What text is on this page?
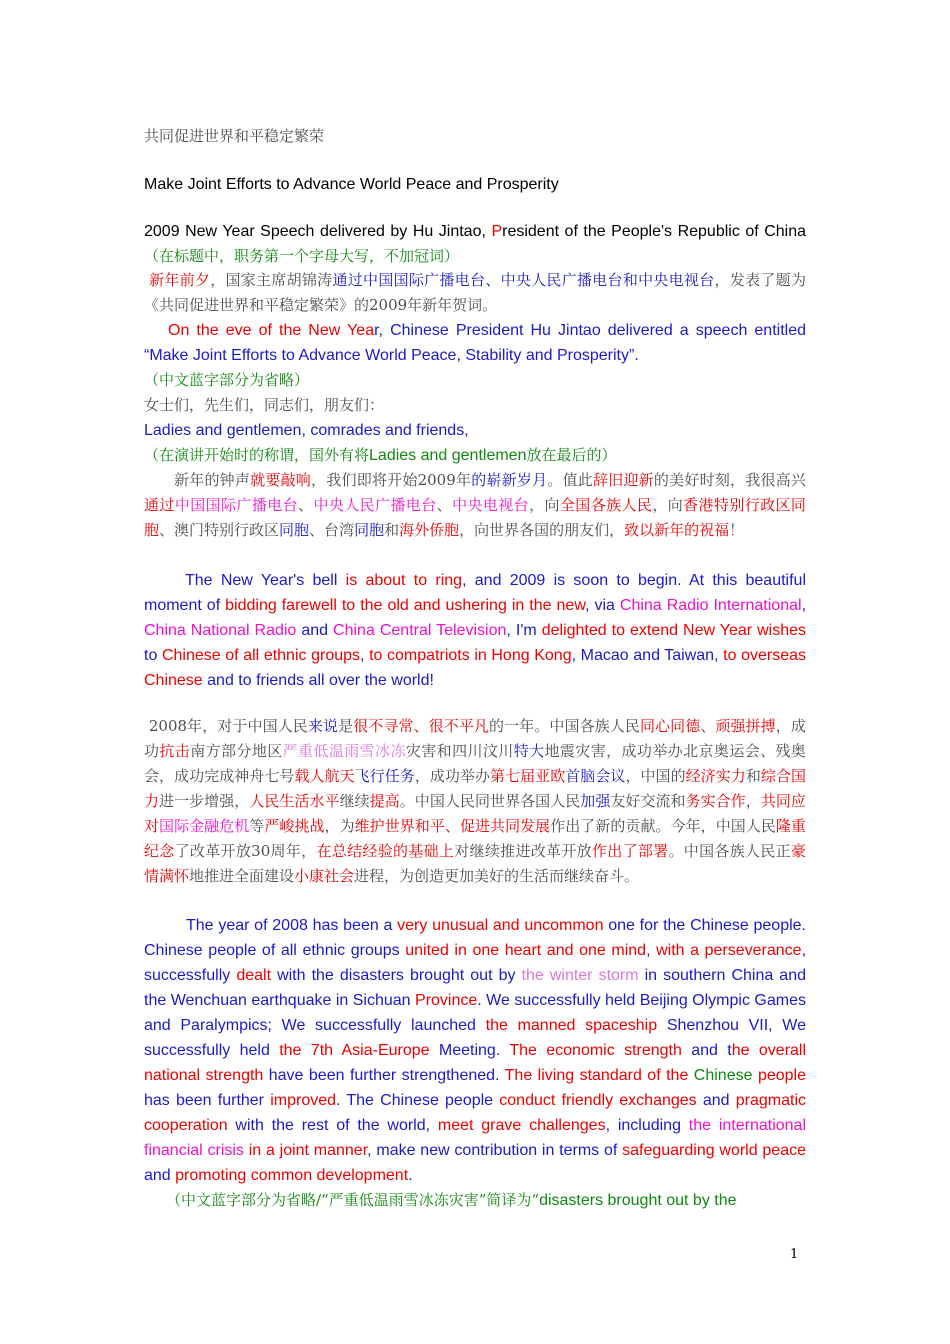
共同促进世界和平稳定繁荣
Make Joint Efforts to Advance World Peace and Prosperity

2009 New Year Speech delivered by Hu Jintao, President of the People's Republic of China（在标题中，职务第一个字母大写，不加冠词）

新年前夕，国家主席胡锦涛通过中国国际广播电台、中央人民广播电台和中央电视台，发表了题为《共同促进世界和平稳定繁荣》的2009年新年贺词。

On the eve of the New Year, Chinese President Hu Jintao delivered a speech entitled “Make Joint Efforts to Advance World Peace, Stability and Prosperity”.

（中文蓝字部分为省略）
女士们，先生们，同志们，朋友们：
Ladies and gentlemen, comrades and friends,

（在演讲开始时的称谓，国外有将Ladies and gentlemen放在最后的）

新年的钟声就要敲响，我们即将开始2009年的崭新岁月。值此辞旧迎新的美好时刻，我很高兴通过中国国际广播电台、中央人民广播电台、中央电视台，向全国各族人民，向香港特别行政区同胞、澳门特别行政区同胞、台湾同胞和海外侨胞，向世界各国的朋友们，致以新年的祝福！

The New Year's bell is about to ring, and 2009 is soon to begin. At this beautiful moment of bidding farewell to the old and ushering in the new, via China Radio International, China National Radio and China Central Television, I'm delighted to extend New Year wishes to Chinese of all ethnic groups, to compatriots in Hong Kong, Macao and Taiwan, to overseas Chinese and to friends all over the world!

2008年，对于中国人民来说是很不寻常、很不平凡的一年。中国各族人民同心同德、顽强拼搏，成功抗击南方部分地区严重低温雨雪冰冻灾害和四川汶川特大地震灾害，成功举办北京奥运会、残奥会，成功完成神舟七号载人航天飞行任务，成功举办第七届亚欧首脑会议，中国的经济实力和综合国力进一步增强，人民生活水平继续提高。中国人民同世界各国人民加强友好交流和务实合作，共同应对国际金融危机等严峻挑战，为维护世界和平、促进共同发展作出了新的贡献。今年，中国人民隆重纪念了改革开放30周年，在总结经验的基础上对继续推进改革开放作出了部署。中国各族人民正豪情满怀地推进全面建设小康社会进程，为创造更加美好的生活而继续奋斗。

The year of 2008 has been a very unusual and uncommon one for the Chinese people. Chinese people of all ethnic groups united in one heart and one mind, with a perseverance, successfully dealt with the disasters brought out by the winter storm in southern China and the Wenchuan earthquake in Sichuan Province. We successfully held Beijing Olympic Games and Paralympics; We successfully launched the manned spaceship Shenzhou VII, We successfully held the 7th Asia-Europe Meeting. The economic strength and the overall national strength have been further strengthened. The living standard of the Chinese people has been further improved. The Chinese people conduct friendly exchanges and pragmatic cooperation with the rest of the world, meet grave challenges, including the international financial crisis in a joint manner, make new contribution in terms of safeguarding world peace and promoting common development.

（中文蓝字部分为省略/“严重低温雨雪冰冻灾害”简译为“disasters brought out by the

1
